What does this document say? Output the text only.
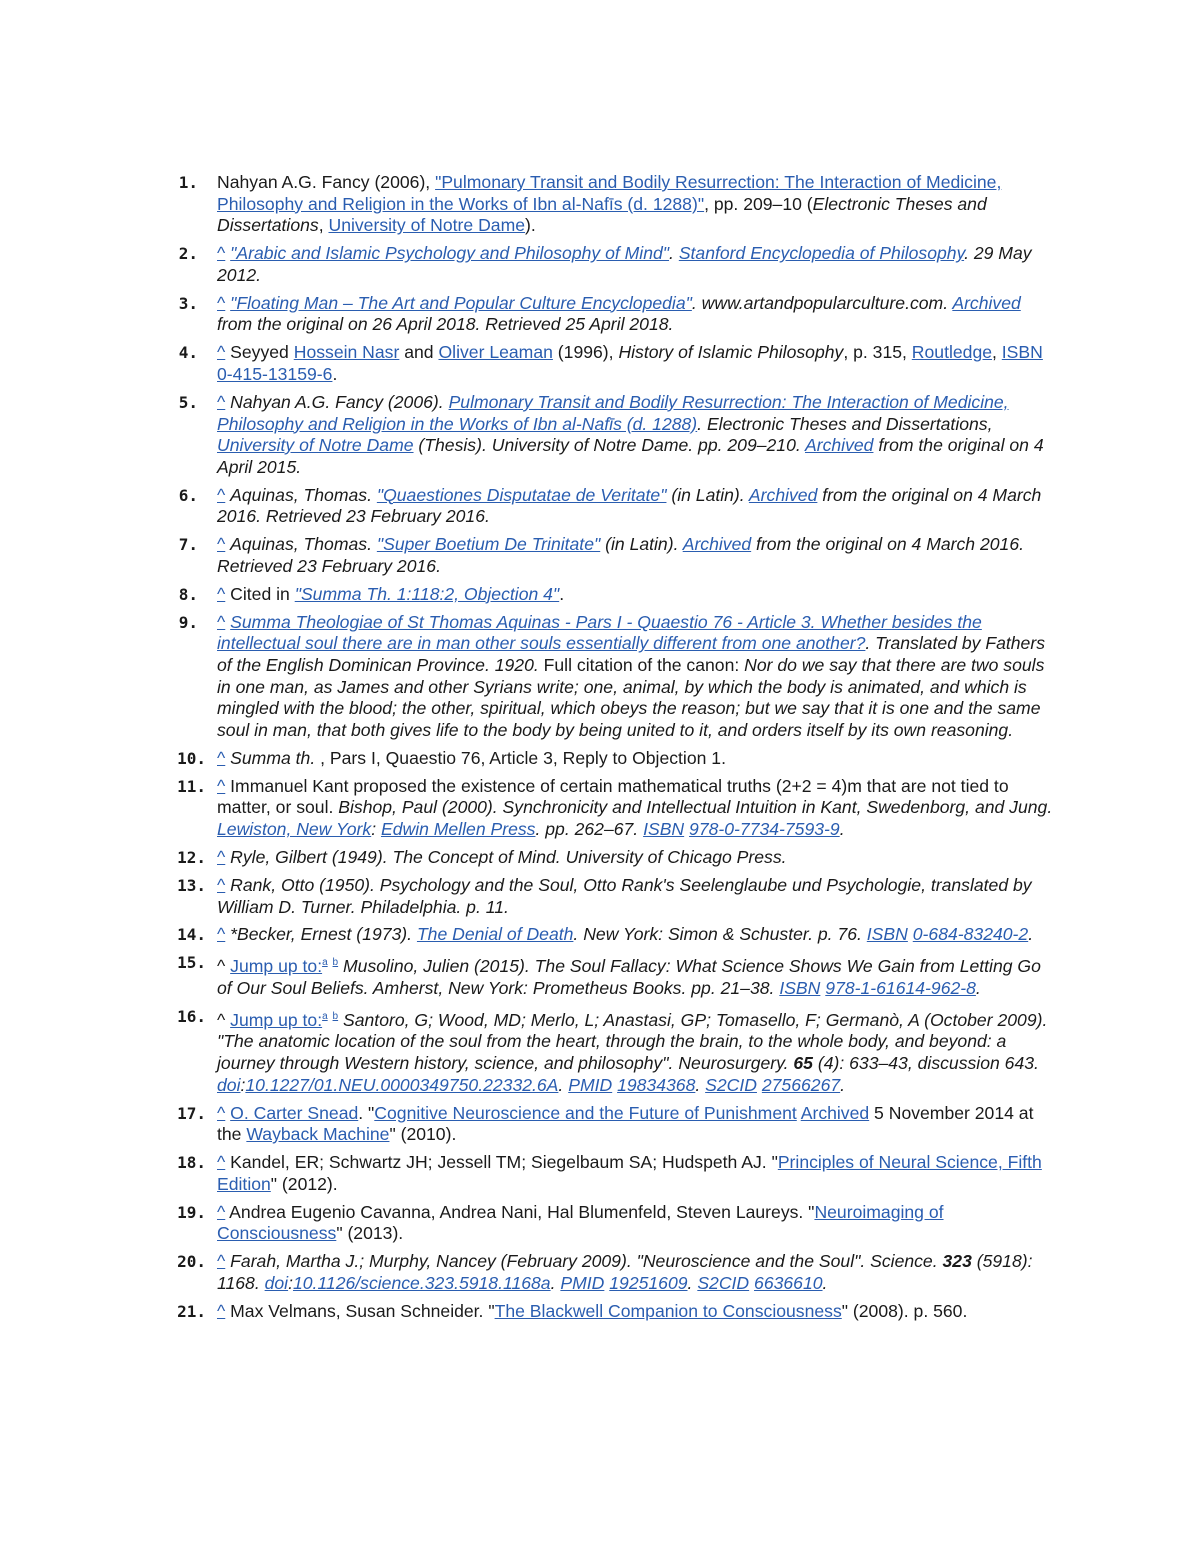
1. Nahyan A.G. Fancy (2006), "Pulmonary Transit and Bodily Resurrection: The Interaction of Medicine, Philosophy and Religion in the Works of Ibn al-Nafīs (d. 1288)", pp. 209–10 (Electronic Theses and Dissertations, University of Notre Dame).
2. ^ "Arabic and Islamic Psychology and Philosophy of Mind". Stanford Encyclopedia of Philosophy. 29 May 2012.
3. ^ "Floating Man – The Art and Popular Culture Encyclopedia". www.artandpopularculture.com. Archived from the original on 26 April 2018. Retrieved 25 April 2018.
4. ^ Seyyed Hossein Nasr and Oliver Leaman (1996), History of Islamic Philosophy, p. 315, Routledge, ISBN 0-415-13159-6.
5. ^ Nahyan A.G. Fancy (2006). Pulmonary Transit and Bodily Resurrection: The Interaction of Medicine, Philosophy and Religion in the Works of Ibn al-Nafīs (d. 1288). Electronic Theses and Dissertations, University of Notre Dame (Thesis). University of Notre Dame. pp. 209–210. Archived from the original on 4 April 2015.
6. ^ Aquinas, Thomas. "Quaestiones Disputatae de Veritate" (in Latin). Archived from the original on 4 March 2016. Retrieved 23 February 2016.
7. ^ Aquinas, Thomas. "Super Boetium De Trinitate" (in Latin). Archived from the original on 4 March 2016. Retrieved 23 February 2016.
8. ^ Cited in "Summa Th. 1:118:2, Objection 4".
9. ^ Summa Theologiae of St Thomas Aquinas - Pars I - Quaestio 76 - Article 3. Whether besides the intellectual soul there are in man other souls essentially different from one another?. Translated by Fathers of the English Dominican Province. 1920. Full citation of the canon: Nor do we say that there are two souls in one man, as James and other Syrians write; one, animal, by which the body is animated, and which is mingled with the blood; the other, spiritual, which obeys the reason; but we say that it is one and the same soul in man, that both gives life to the body by being united to it, and orders itself by its own reasoning.
10. ^ Summa th. , Pars I, Quaestio 76, Article 3, Reply to Objection 1.
11. ^ Immanuel Kant proposed the existence of certain mathematical truths (2+2 = 4)m that are not tied to matter, or soul. Bishop, Paul (2000). Synchronicity and Intellectual Intuition in Kant, Swedenborg, and Jung. Lewiston, New York: Edwin Mellen Press. pp. 262–67. ISBN 978-0-7734-7593-9.
12. ^ Ryle, Gilbert (1949). The Concept of Mind. University of Chicago Press.
13. ^ Rank, Otto (1950). Psychology and the Soul, Otto Rank's Seelenglaube und Psychologie, translated by William D. Turner. Philadelphia. p. 11.
14. ^ *Becker, Ernest (1973). The Denial of Death. New York: Simon & Schuster. p. 76. ISBN 0-684-83240-2.
15. ^ Jump up to:$^a$ $^b$ Musolino, Julien (2015). The Soul Fallacy: What Science Shows We Gain from Letting Go of Our Soul Beliefs. Amherst, New York: Prometheus Books. pp. 21–38. ISBN 978-1-61614-962-8.
16. ^ Jump up to:$^a$ $^b$ Santoro, G; Wood, MD; Merlo, L; Anastasi, GP; Tomasello, F; Germanò, A (October 2009). "The anatomic location of the soul from the heart, through the brain, to the whole body, and beyond: a journey through Western history, science, and philosophy". Neurosurgery. 65 (4): 633–43, discussion 643. doi:10.1227/01.NEU.0000349750.22332.6A. PMID 19834368. S2CID 27566267.
17. ^ O. Carter Snead. "Cognitive Neuroscience and the Future of Punishment Archived 5 November 2014 at the Wayback Machine" (2010).
18. ^ Kandel, ER; Schwartz JH; Jessell TM; Siegelbaum SA; Hudspeth AJ. "Principles of Neural Science, Fifth Edition" (2012).
19. ^ Andrea Eugenio Cavanna, Andrea Nani, Hal Blumenfeld, Steven Laureys. "Neuroimaging of Consciousness" (2013).
20. ^ Farah, Martha J.; Murphy, Nancey (February 2009). "Neuroscience and the Soul". Science. 323 (5918): 1168. doi:10.1126/science.323.5918.1168a. PMID 19251609. S2CID 6636610.
21. ^ Max Velmans, Susan Schneider. "The Blackwell Companion to Consciousness" (2008). p. 560.
